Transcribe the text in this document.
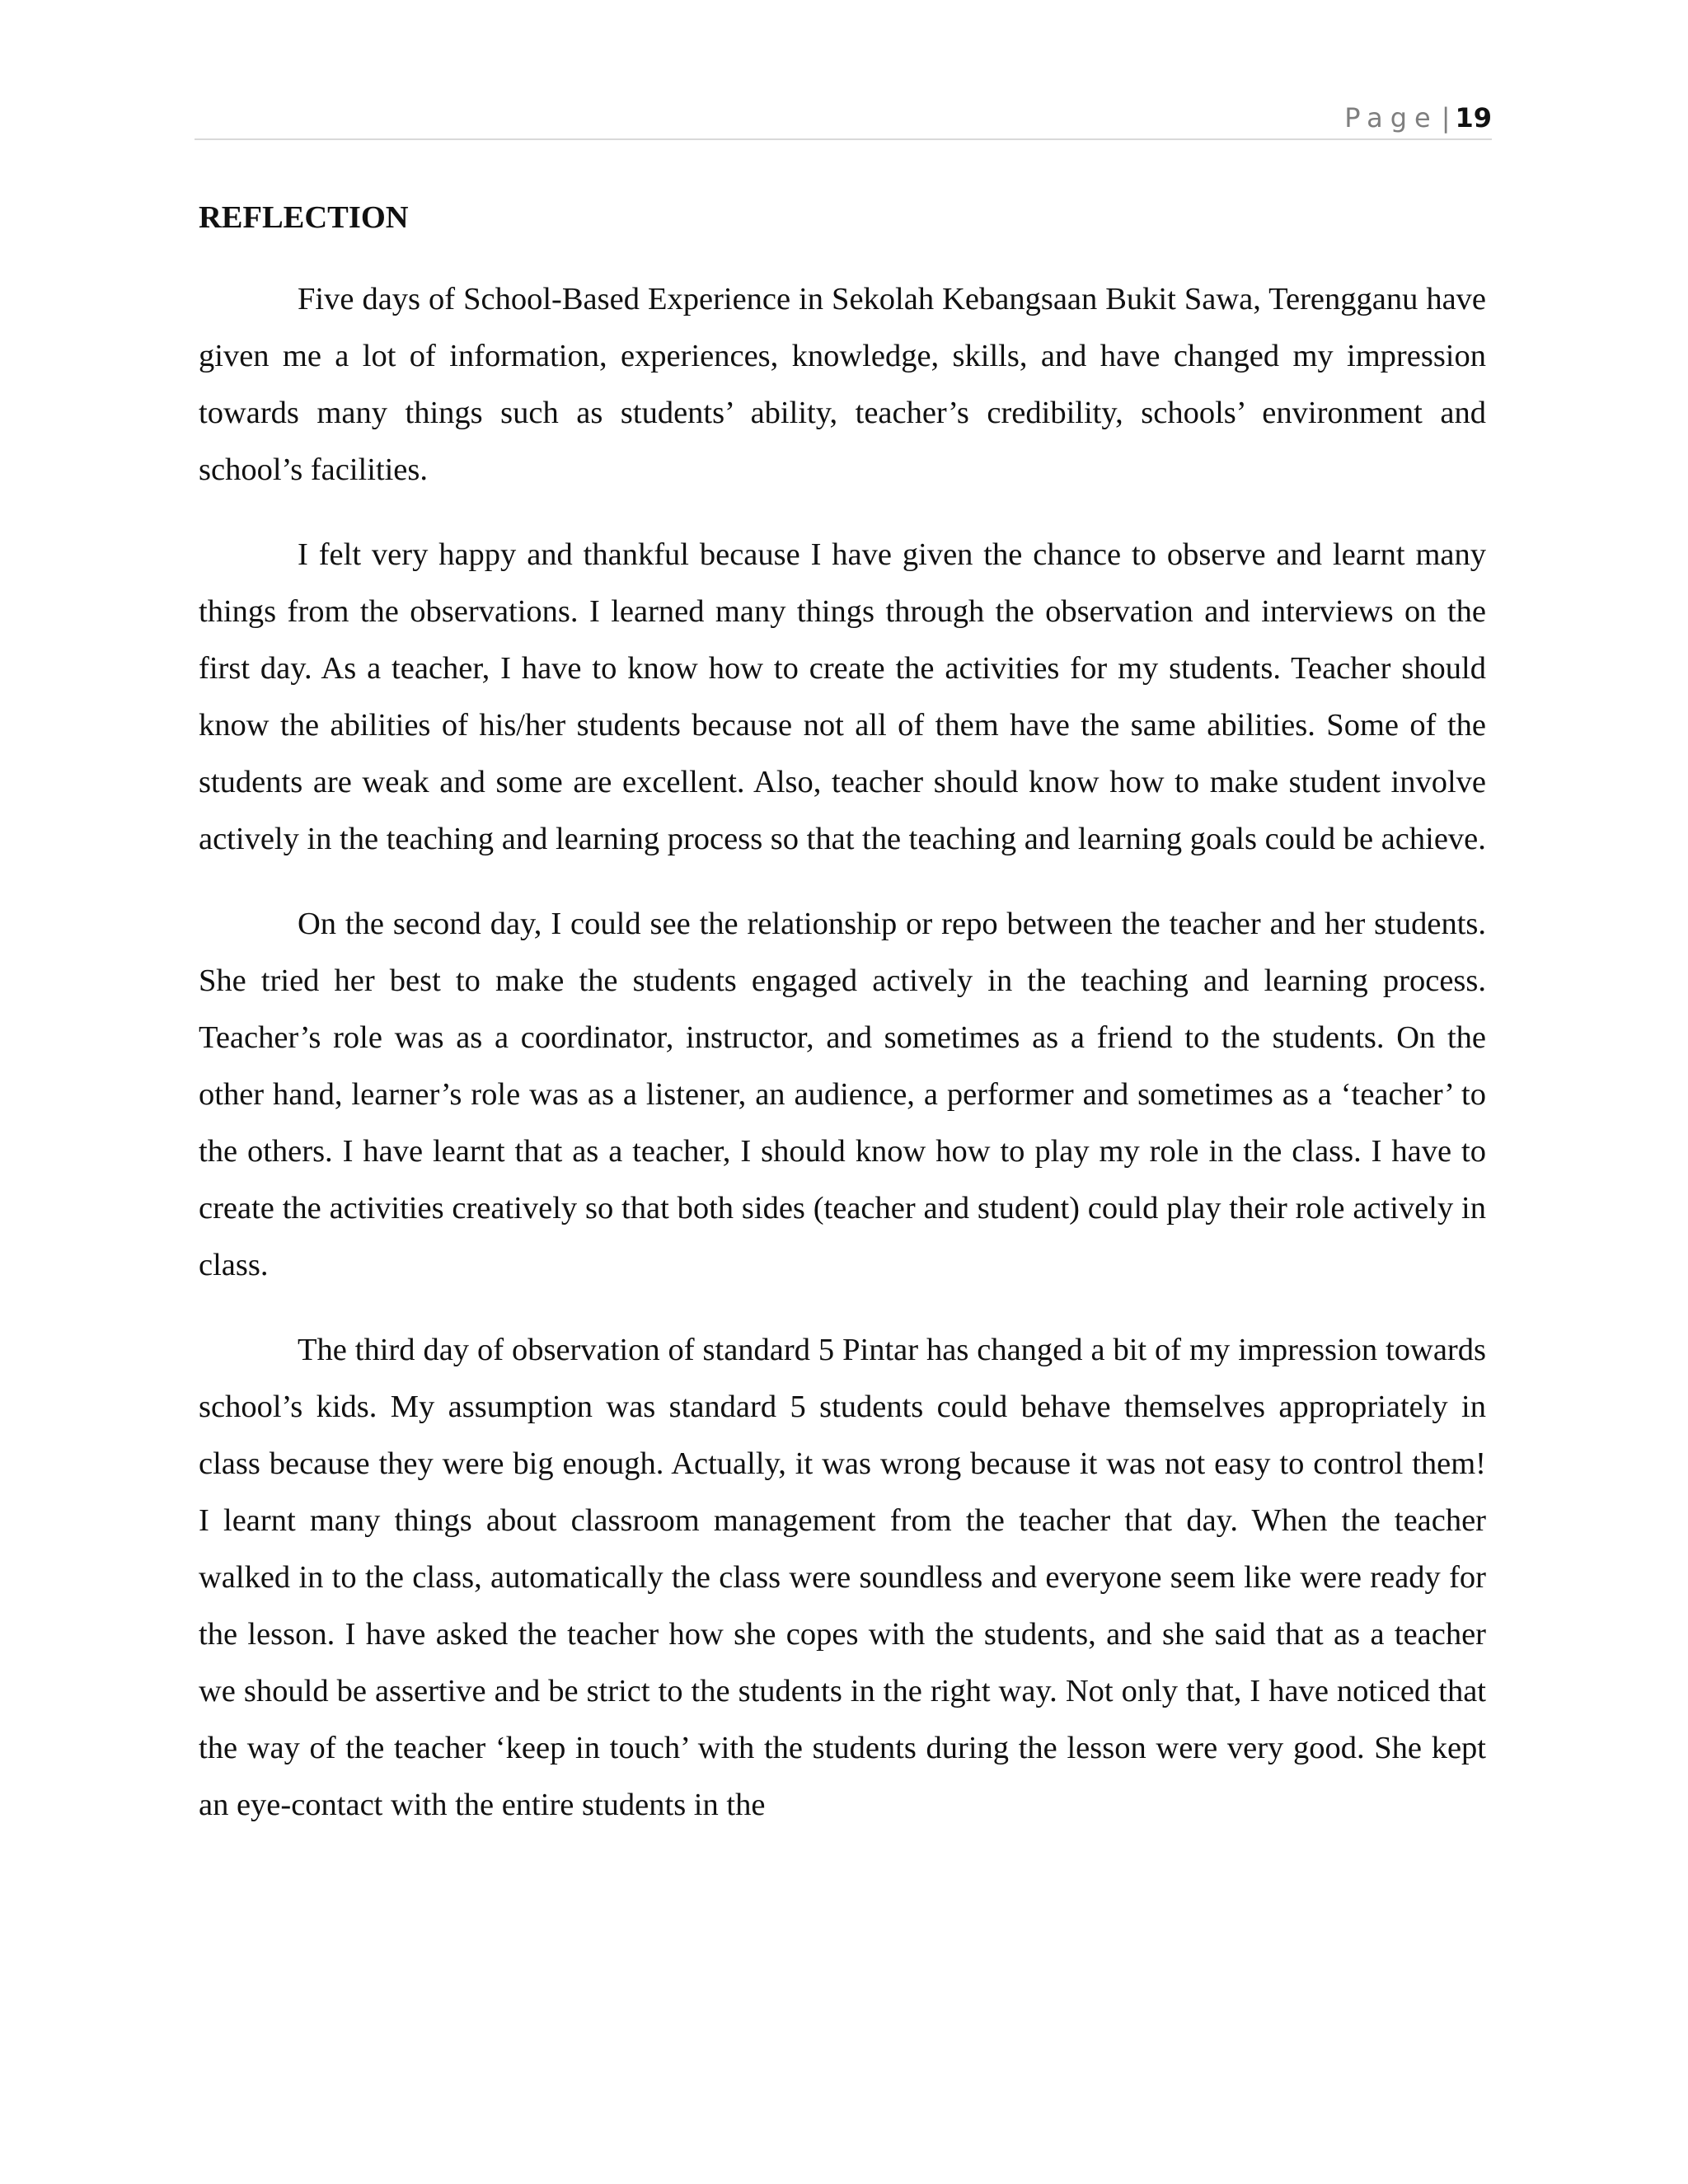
Page | 19
REFLECTION

Five days of School-Based Experience in Sekolah Kebangsaan Bukit Sawa, Terengganu have given me a lot of information, experiences, knowledge, skills, and have changed my impression towards many things such as students’ ability, teacher’s credibility, schools’ environment and school’s facilities.

I felt very happy and thankful because I have given the chance to observe and learnt many things from the observations. I learned many things through the observation and interviews on the first day. As a teacher, I have to know how to create the activities for my students. Teacher should know the abilities of his/her students because not all of them have the same abilities. Some of the students are weak and some are excellent. Also, teacher should know how to make student involve actively in the teaching and learning process so that the teaching and learning goals could be achieve.

On the second day, I could see the relationship or repo between the teacher and her students. She tried her best to make the students engaged actively in the teaching and learning process. Teacher’s role was as a coordinator, instructor, and sometimes as a friend to the students. On the other hand, learner’s role was as a listener, an audience, a performer and sometimes as a ‘teacher’ to the others. I have learnt that as a teacher, I should know how to play my role in the class. I have to create the activities creatively so that both sides (teacher and student) could play their role actively in class.

The third day of observation of standard 5 Pintar has changed a bit of my impression towards school’s kids. My assumption was standard 5 students could behave themselves appropriately in class because they were big enough. Actually, it was wrong because it was not easy to control them! I learnt many things about classroom management from the teacher that day. When the teacher walked in to the class, automatically the class were soundless and everyone seem like were ready for the lesson. I have asked the teacher how she copes with the students, and she said that as a teacher we should be assertive and be strict to the students in the right way. Not only that, I have noticed that the way of the teacher ‘keep in touch’ with the students during the lesson were very good. She kept an eye-contact with the entire students in the
